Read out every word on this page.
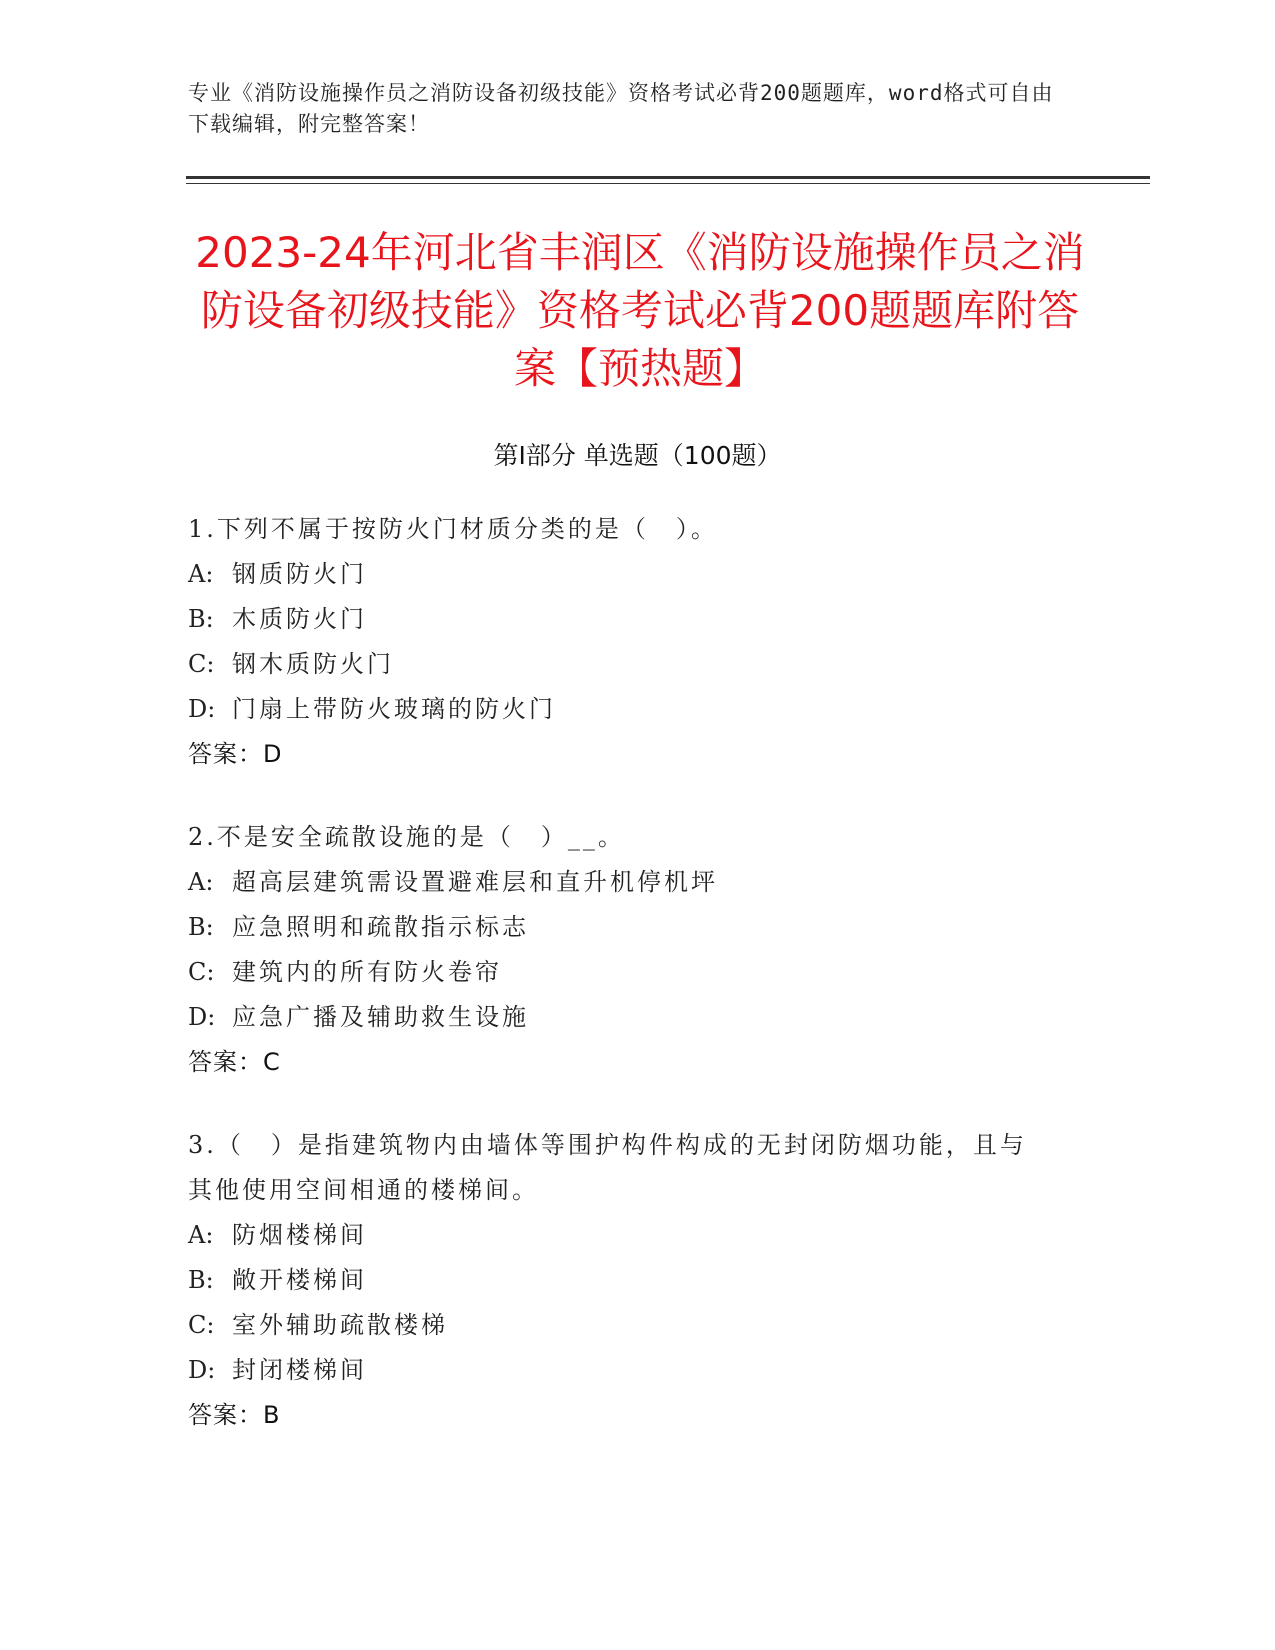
专业《消防设施操作员之消防设备初级技能》资格考试必背200题题库，word格式可自由下载编辑，附完整答案！
2023-24年河北省丰润区《消防设施操作员之消防设备初级技能》资格考试必背200题题库附答案【预热题】
第I部分 单选题（100题）
1.下列不属于按防火门材质分类的是（　）。
A: 钢质防火门
B: 木质防火门
C: 钢木质防火门
D: 门扇上带防火玻璃的防火门
答案：D
2.不是安全疏散设施的是（　）__。
A: 超高层建筑需设置避难层和直升机停机坪
B: 应急照明和疏散指示标志
C: 建筑内的所有防火卷帘
D: 应急广播及辅助救生设施
答案：C
3.（　）是指建筑物内由墙体等围护构件构成的无封闭防烟功能，且与其他使用空间相通的楼梯间。
A: 防烟楼梯间
B: 敞开楼梯间
C: 室外辅助疏散楼梯
D: 封闭楼梯间
答案：B
